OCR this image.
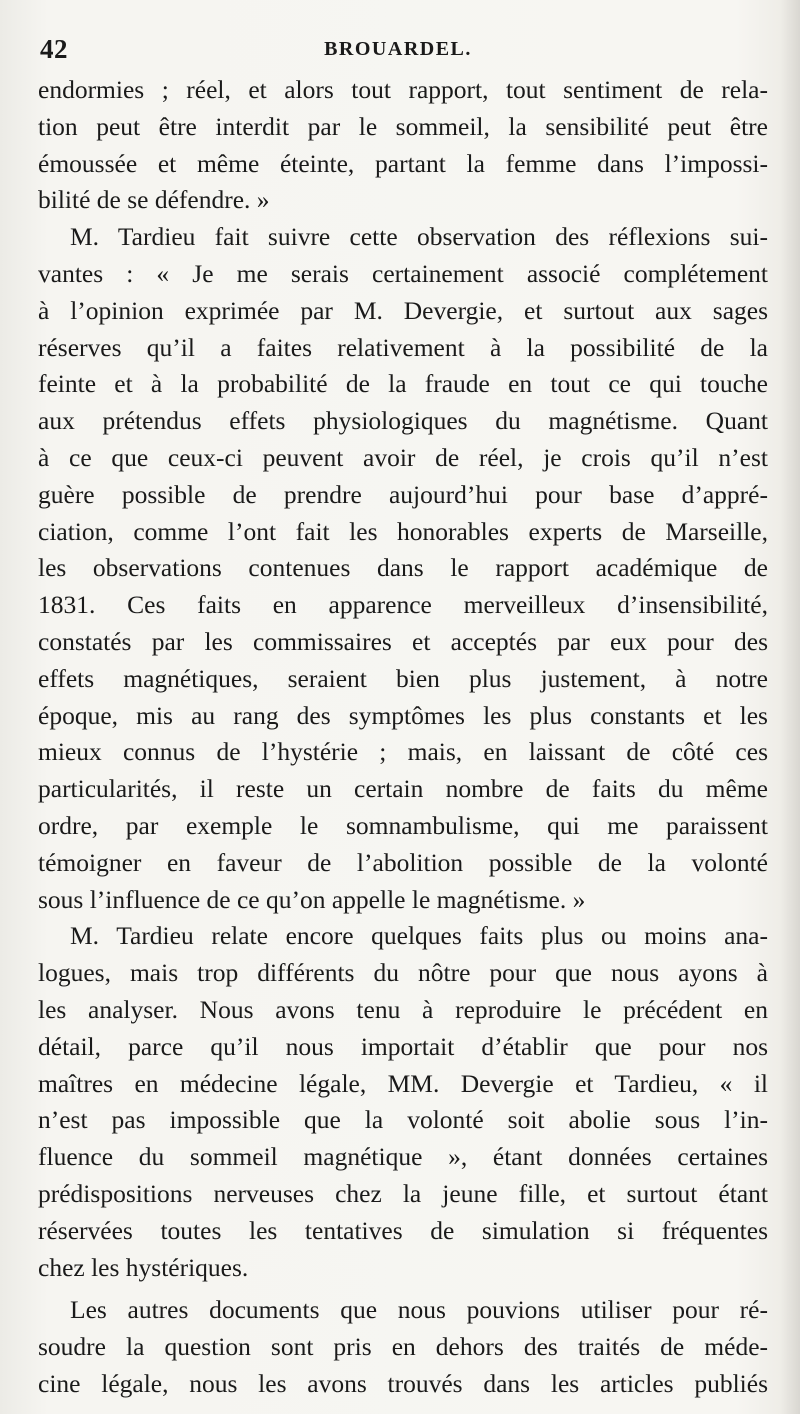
42	BROUARDEL.
endormies ; réel, et alors tout rapport, tout sentiment de rela-
tion peut être interdit par le sommeil, la sensibilité peut être
émoussée et même éteinte, partant la femme dans l’impossi-
bilité de se défendre. »
M. Tardieu fait suivre cette observation des réflexions sui-
vantes : « Je me serais certainement associé complétement
à l’opinion exprimée par M. Devergie, et surtout aux sages
réserves qu’il a faites relativement à la possibilité de la
feinte et à la probabilité de la fraude en tout ce qui touche
aux prétendus effets physiologiques du magnétisme. Quant
à ce que ceux-ci peuvent avoir de réel, je crois qu’il n’est
guère possible de prendre aujourd’hui pour base d’appré-
ciation, comme l’ont fait les honorables experts de Marseille,
les observations contenues dans le rapport académique de
1831. Ces faits en apparence merveilleux d’insensibilité,
constatés par les commissaires et acceptés par eux pour des
effets magnétiques, seraient bien plus justement, à notre
époque, mis au rang des symptômes les plus constants et les
mieux connus de l’hystérie ; mais, en laissant de côté ces
particularités, il reste un certain nombre de faits du même
ordre, par exemple le somnambulisme, qui me paraissent
témoigner en faveur de l’abolition possible de la volonté
sous l’influence de ce qu’on appelle le magnétisme. »
M. Tardieu relate encore quelques faits plus ou moins ana-
logues, mais trop différents du nôtre pour que nous ayons à
les analyser. Nous avons tenu à reproduire le précédent en
détail, parce qu’il nous importait d’établir que pour nos
maîtres en médecine légale, MM. Devergie et Tardieu, « il
n’est pas impossible que la volonté soit abolie sous l’in-
fluence du sommeil magnétique », étant données certaines
prédispositions nerveuses chez la jeune fille, et surtout étant
réservées toutes les tentatives de simulation si fréquentes
chez les hystériques.
Les autres documents que nous pouvions utiliser pour ré-
soudre la question sont pris en dehors des traités de méde-
cine légale, nous les avons trouvés dans les articles publiés
